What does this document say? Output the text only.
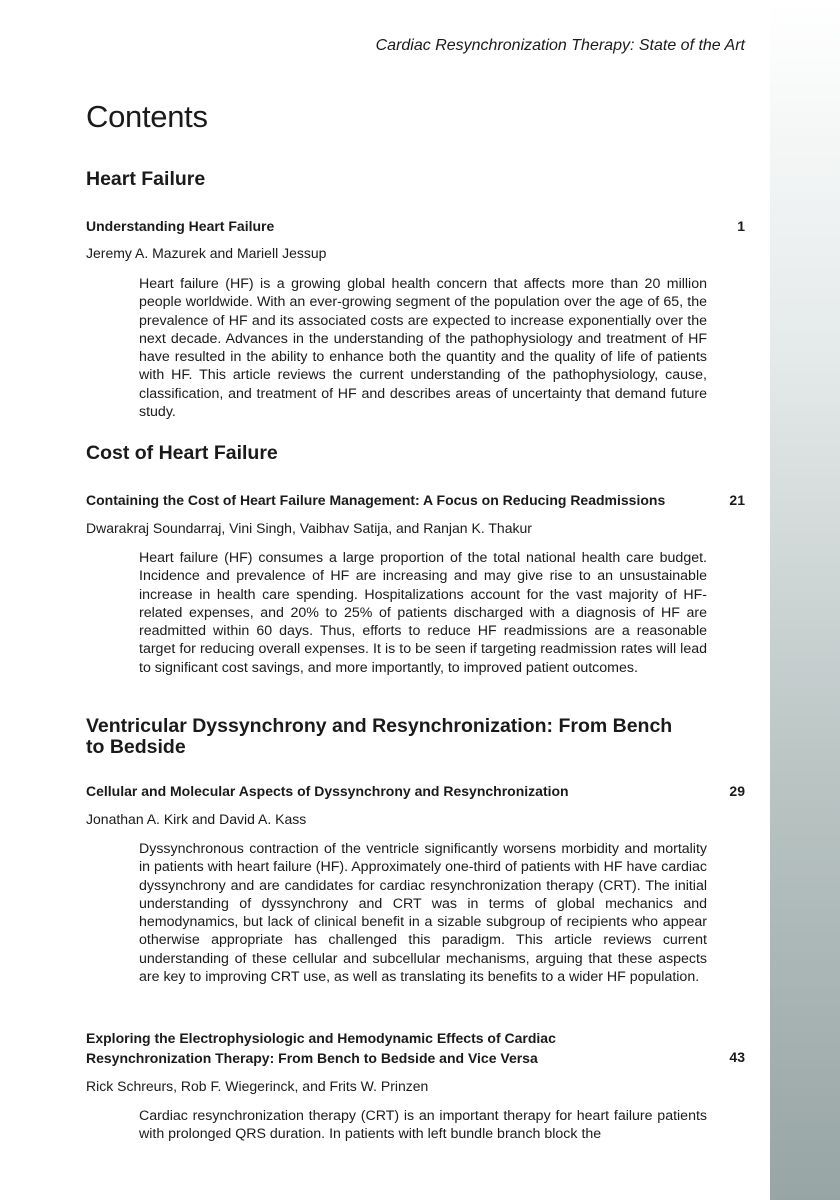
Cardiac Resynchronization Therapy: State of the Art
Contents
Heart Failure
Understanding Heart Failure	1
Jeremy A. Mazurek and Mariell Jessup

Heart failure (HF) is a growing global health concern that affects more than 20 million people worldwide. With an ever-growing segment of the population over the age of 65, the prevalence of HF and its associated costs are expected to increase exponentially over the next decade. Advances in the understanding of the pathophysiology and treatment of HF have resulted in the ability to enhance both the quantity and the quality of life of patients with HF. This article reviews the current understanding of the pathophysiology, cause, classification, and treatment of HF and describes areas of uncertainty that demand future study.

Cost of Heart Failure
Containing the Cost of Heart Failure Management: A Focus on Reducing Readmissions	21
Dwarakraj Soundarraj, Vini Singh, Vaibhav Satija, and Ranjan K. Thakur

Heart failure (HF) consumes a large proportion of the total national health care budget. Incidence and prevalence of HF are increasing and may give rise to an unsustainable increase in health care spending. Hospitalizations account for the vast majority of HF-related expenses, and 20% to 25% of patients discharged with a diagnosis of HF are readmitted within 60 days. Thus, efforts to reduce HF readmissions are a reasonable target for reducing overall expenses. It is to be seen if targeting readmission rates will lead to significant cost savings, and more importantly, to improved patient outcomes.

Ventricular Dyssynchrony and Resynchronization: From Bench to Bedside
Cellular and Molecular Aspects of Dyssynchrony and Resynchronization	29
Jonathan A. Kirk and David A. Kass

Dyssynchronous contraction of the ventricle significantly worsens morbidity and mortality in patients with heart failure (HF). Approximately one-third of patients with HF have cardiac dyssynchrony and are candidates for cardiac resynchronization therapy (CRT). The initial understanding of dyssynchrony and CRT was in terms of global mechanics and hemodynamics, but lack of clinical benefit in a sizable subgroup of recipients who appear otherwise appropriate has challenged this paradigm. This article reviews current understanding of these cellular and subcellular mechanisms, arguing that these aspects are key to improving CRT use, as well as translating its benefits to a wider HF population.

Exploring the Electrophysiologic and Hemodynamic Effects of Cardiac Resynchronization Therapy: From Bench to Bedside and Vice Versa	43
Rick Schreurs, Rob F. Wiegerinck, and Frits W. Prinzen

Cardiac resynchronization therapy (CRT) is an important therapy for heart failure patients with prolonged QRS duration. In patients with left bundle branch block the
